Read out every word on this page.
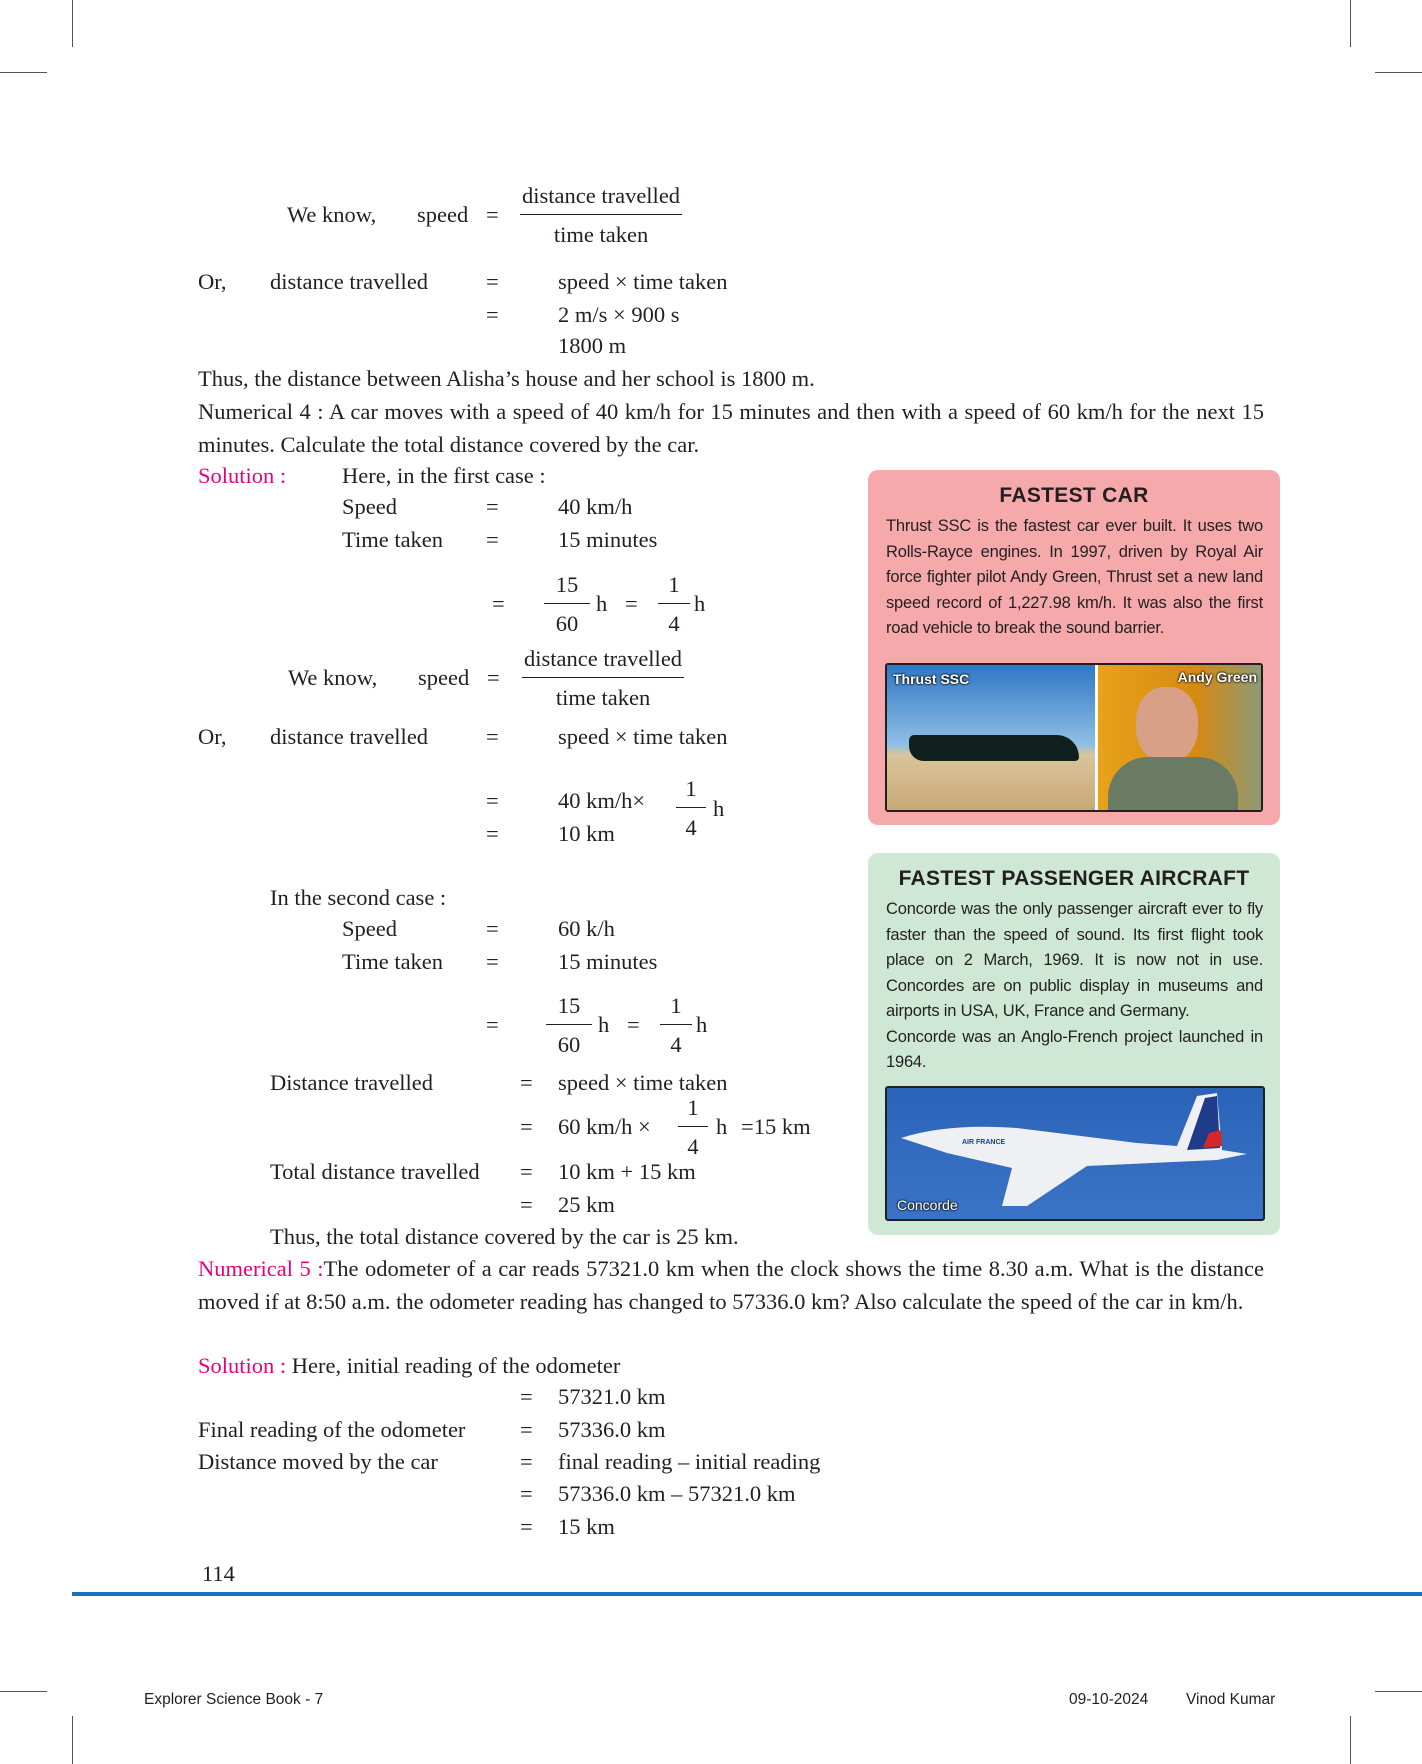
We know, speed =
distance travelled
time taken
Or, distance travelled	=	speed × time taken
=	2 m/s × 900 s
1800 m
Thus, the distance between Alisha’s house and her school is 1800 m.
Numerical 4 : A car moves with a speed of 40 km/h for 15 minutes and then with a speed of 60 km/h for the next 15 minutes. Calculate the total distance covered by the car.
Solution : Here, in the first case :
Speed	=	40 km/h
Time taken =	15 minutes
= $\frac{15}{60}$ $h = \frac{1}{4}$ h
We know, speed =
distance travelled
time taken
Or, distance travelled	=	speed × time taken
=	40 $km/h\times \frac{1}{4}$ h
=	10 km
In the second case :
Speed	=	60 k/h
Time taken =	15 minutes
= $\frac{15}{60}$ $h = \frac{1}{4}$ h
Distance travelled	= speed × time taken
= 60 $km/h \times \frac{1}{4}$ h =15 km
Total distance travelled = 10 km + 15 km
= 25 km
Thus, the total distance covered by the car is 25 km.
Numerical 5 :The odometer of a car reads 57321.0 km when the clock shows the time 8.30 a.m. What is the distance moved if at 8:50 a.m. the odometer reading has changed to 57336.0 km? Also calculate the speed of the car in km/h.
Solution : Here, initial reading of the odometer
= 57321.0 km
Final reading of the odometer = 57336.0 km
Distance moved by the car	= final reading – initial reading
= 57336.0 km – 57321.0 km
= 15 km
114
FASTEST CAR

Thrust SSC is the fastest car ever built. It uses two Rolls-Rayce engines. In 1997, driven by Royal Air force fighter pilot Andy Green, Thrust set a new land speed record of 1,227.98 km/h. It was also the first road vehicle to break the sound barrier.

Thrust SSC	Andy Green
FASTEST PASSENGER AIRCRAFT

Concorde was the only passenger aircraft ever to fly faster than the speed of sound. Its first flight took place on 2 March, 1969. It is now not in use. Concordes are on public display in museums and airports in USA, UK, France and Germany.

Concorde was an Anglo-French project launched in 1964.

AIR FRANCE
Concorde
Explorer Science Book - 7	09-10-2024 Vinod Kumar
